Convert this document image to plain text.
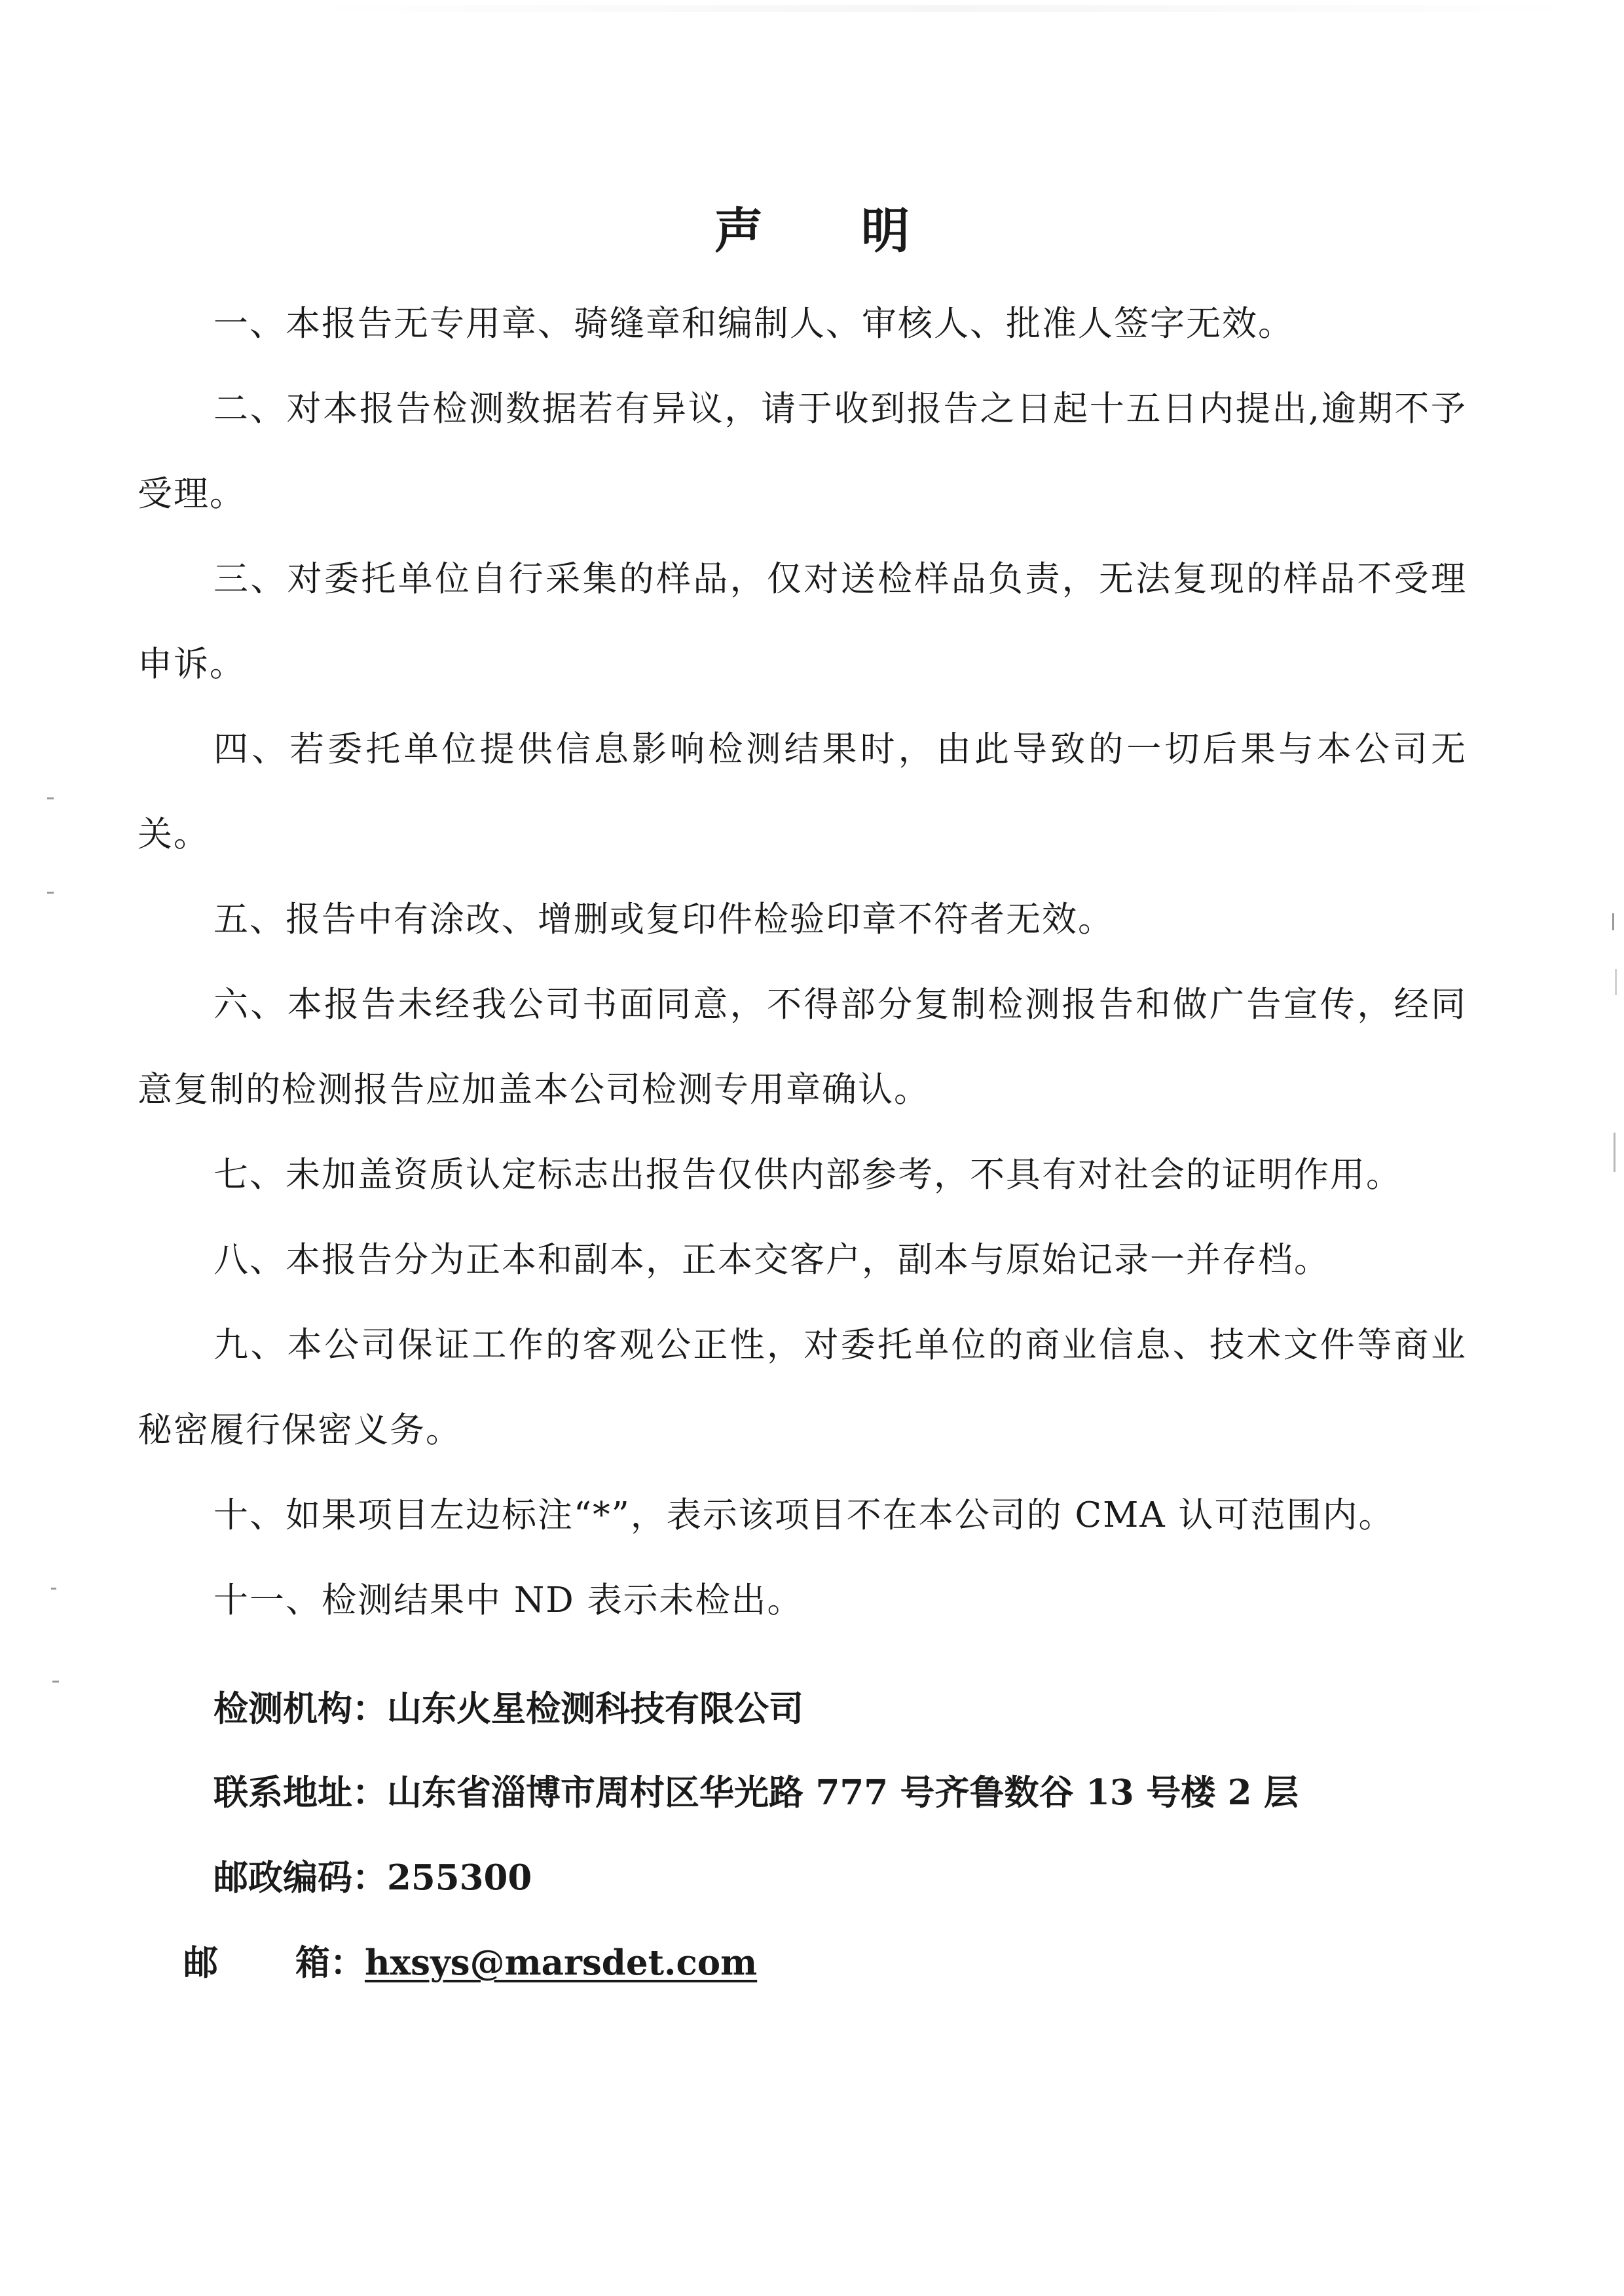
声明

一、本报告无专用章、骑缝章和编制人、审核人、批准人签字无效。

二、对本报告检测数据若有异议，请于收到报告之日起十五日内提出,逾期不予受理。

三、对委托单位自行采集的样品，仅对送检样品负责，无法复现的样品不受理申诉。

四、若委托单位提供信息影响检测结果时，由此导致的一切后果与本公司无关。

五、报告中有涂改、增删或复印件检验印章不符者无效。

六、本报告未经我公司书面同意，不得部分复制检测报告和做广告宣传，经同意复制的检测报告应加盖本公司检测专用章确认。

七、未加盖资质认定标志出报告仅供内部参考，不具有对社会的证明作用。

八、本报告分为正本和副本，正本交客户，副本与原始记录一并存档。

九、本公司保证工作的客观公正性，对委托单位的商业信息、技术文件等商业秘密履行保密义务。

十、如果项目左边标注“*”，表示该项目不在本公司的 CMA 认可范围内。

十一、检测结果中 ND 表示未检出。

检测机构：山东火星检测科技有限公司
联系地址：山东省淄博市周村区华光路 777 号齐鲁数谷 13 号楼 2 层
邮政编码：255300
邮箱：hxsys@marsdet.com
